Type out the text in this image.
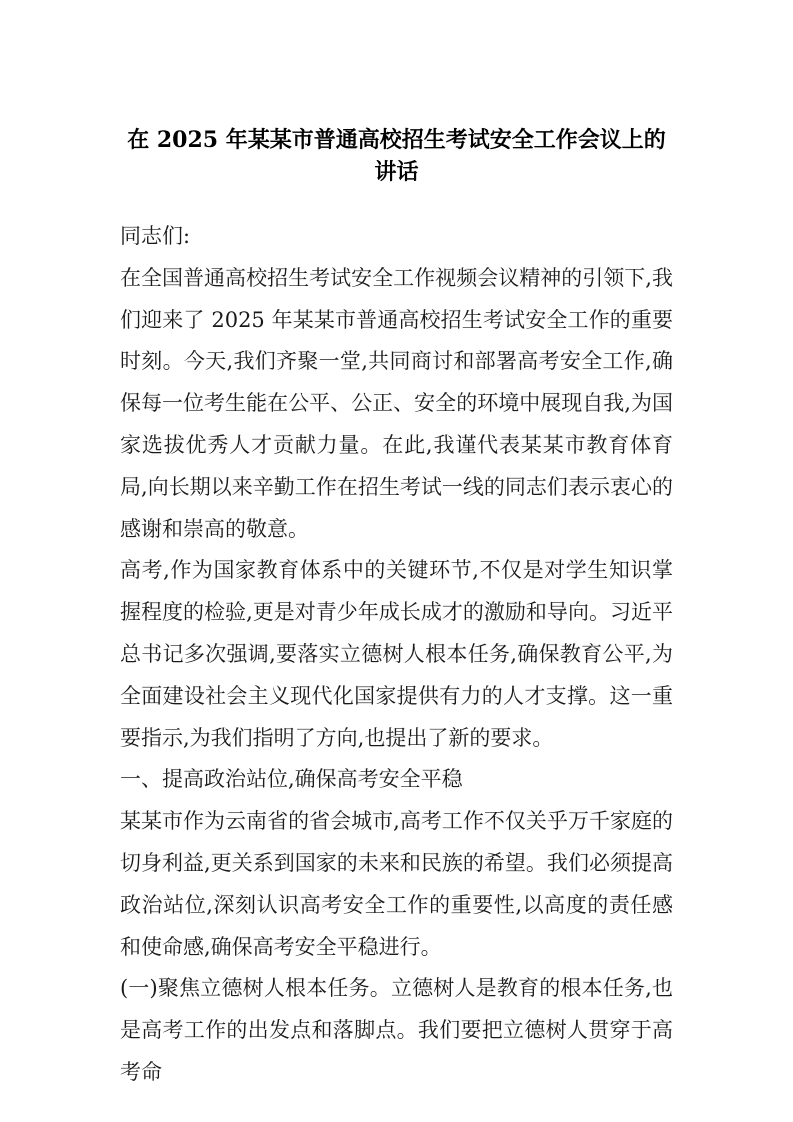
在 2025 年某某市普通高校招生考试安全工作会议上的讲话

同志们:

在全国普通高校招生考试安全工作视频会议精神的引领下,我们迎来了 2025 年某某市普通高校招生考试安全工作的重要时刻。今天,我们齐聚一堂,共同商讨和部署高考安全工作,确保每一位考生能在公平、公正、安全的环境中展现自我,为国家选拔优秀人才贡献力量。在此,我谨代表某某市教育体育局,向长期以来辛勤工作在招生考试一线的同志们表示衷心的感谢和崇高的敬意。

高考,作为国家教育体系中的关键环节,不仅是对学生知识掌握程度的检验,更是对青少年成长成才的激励和导向。习近平总书记多次强调,要落实立德树人根本任务,确保教育公平,为全面建设社会主义现代化国家提供有力的人才支撑。这一重要指示,为我们指明了方向,也提出了新的要求。

一、提高政治站位,确保高考安全平稳

某某市作为云南省的省会城市,高考工作不仅关乎万千家庭的切身利益,更关系到国家的未来和民族的希望。我们必须提高政治站位,深刻认识高考安全工作的重要性,以高度的责任感和使命感,确保高考安全平稳进行。

(一)聚焦立德树人根本任务。立德树人是教育的根本任务,也是高考工作的出发点和落脚点。我们要把立德树人贯穿于高考命
